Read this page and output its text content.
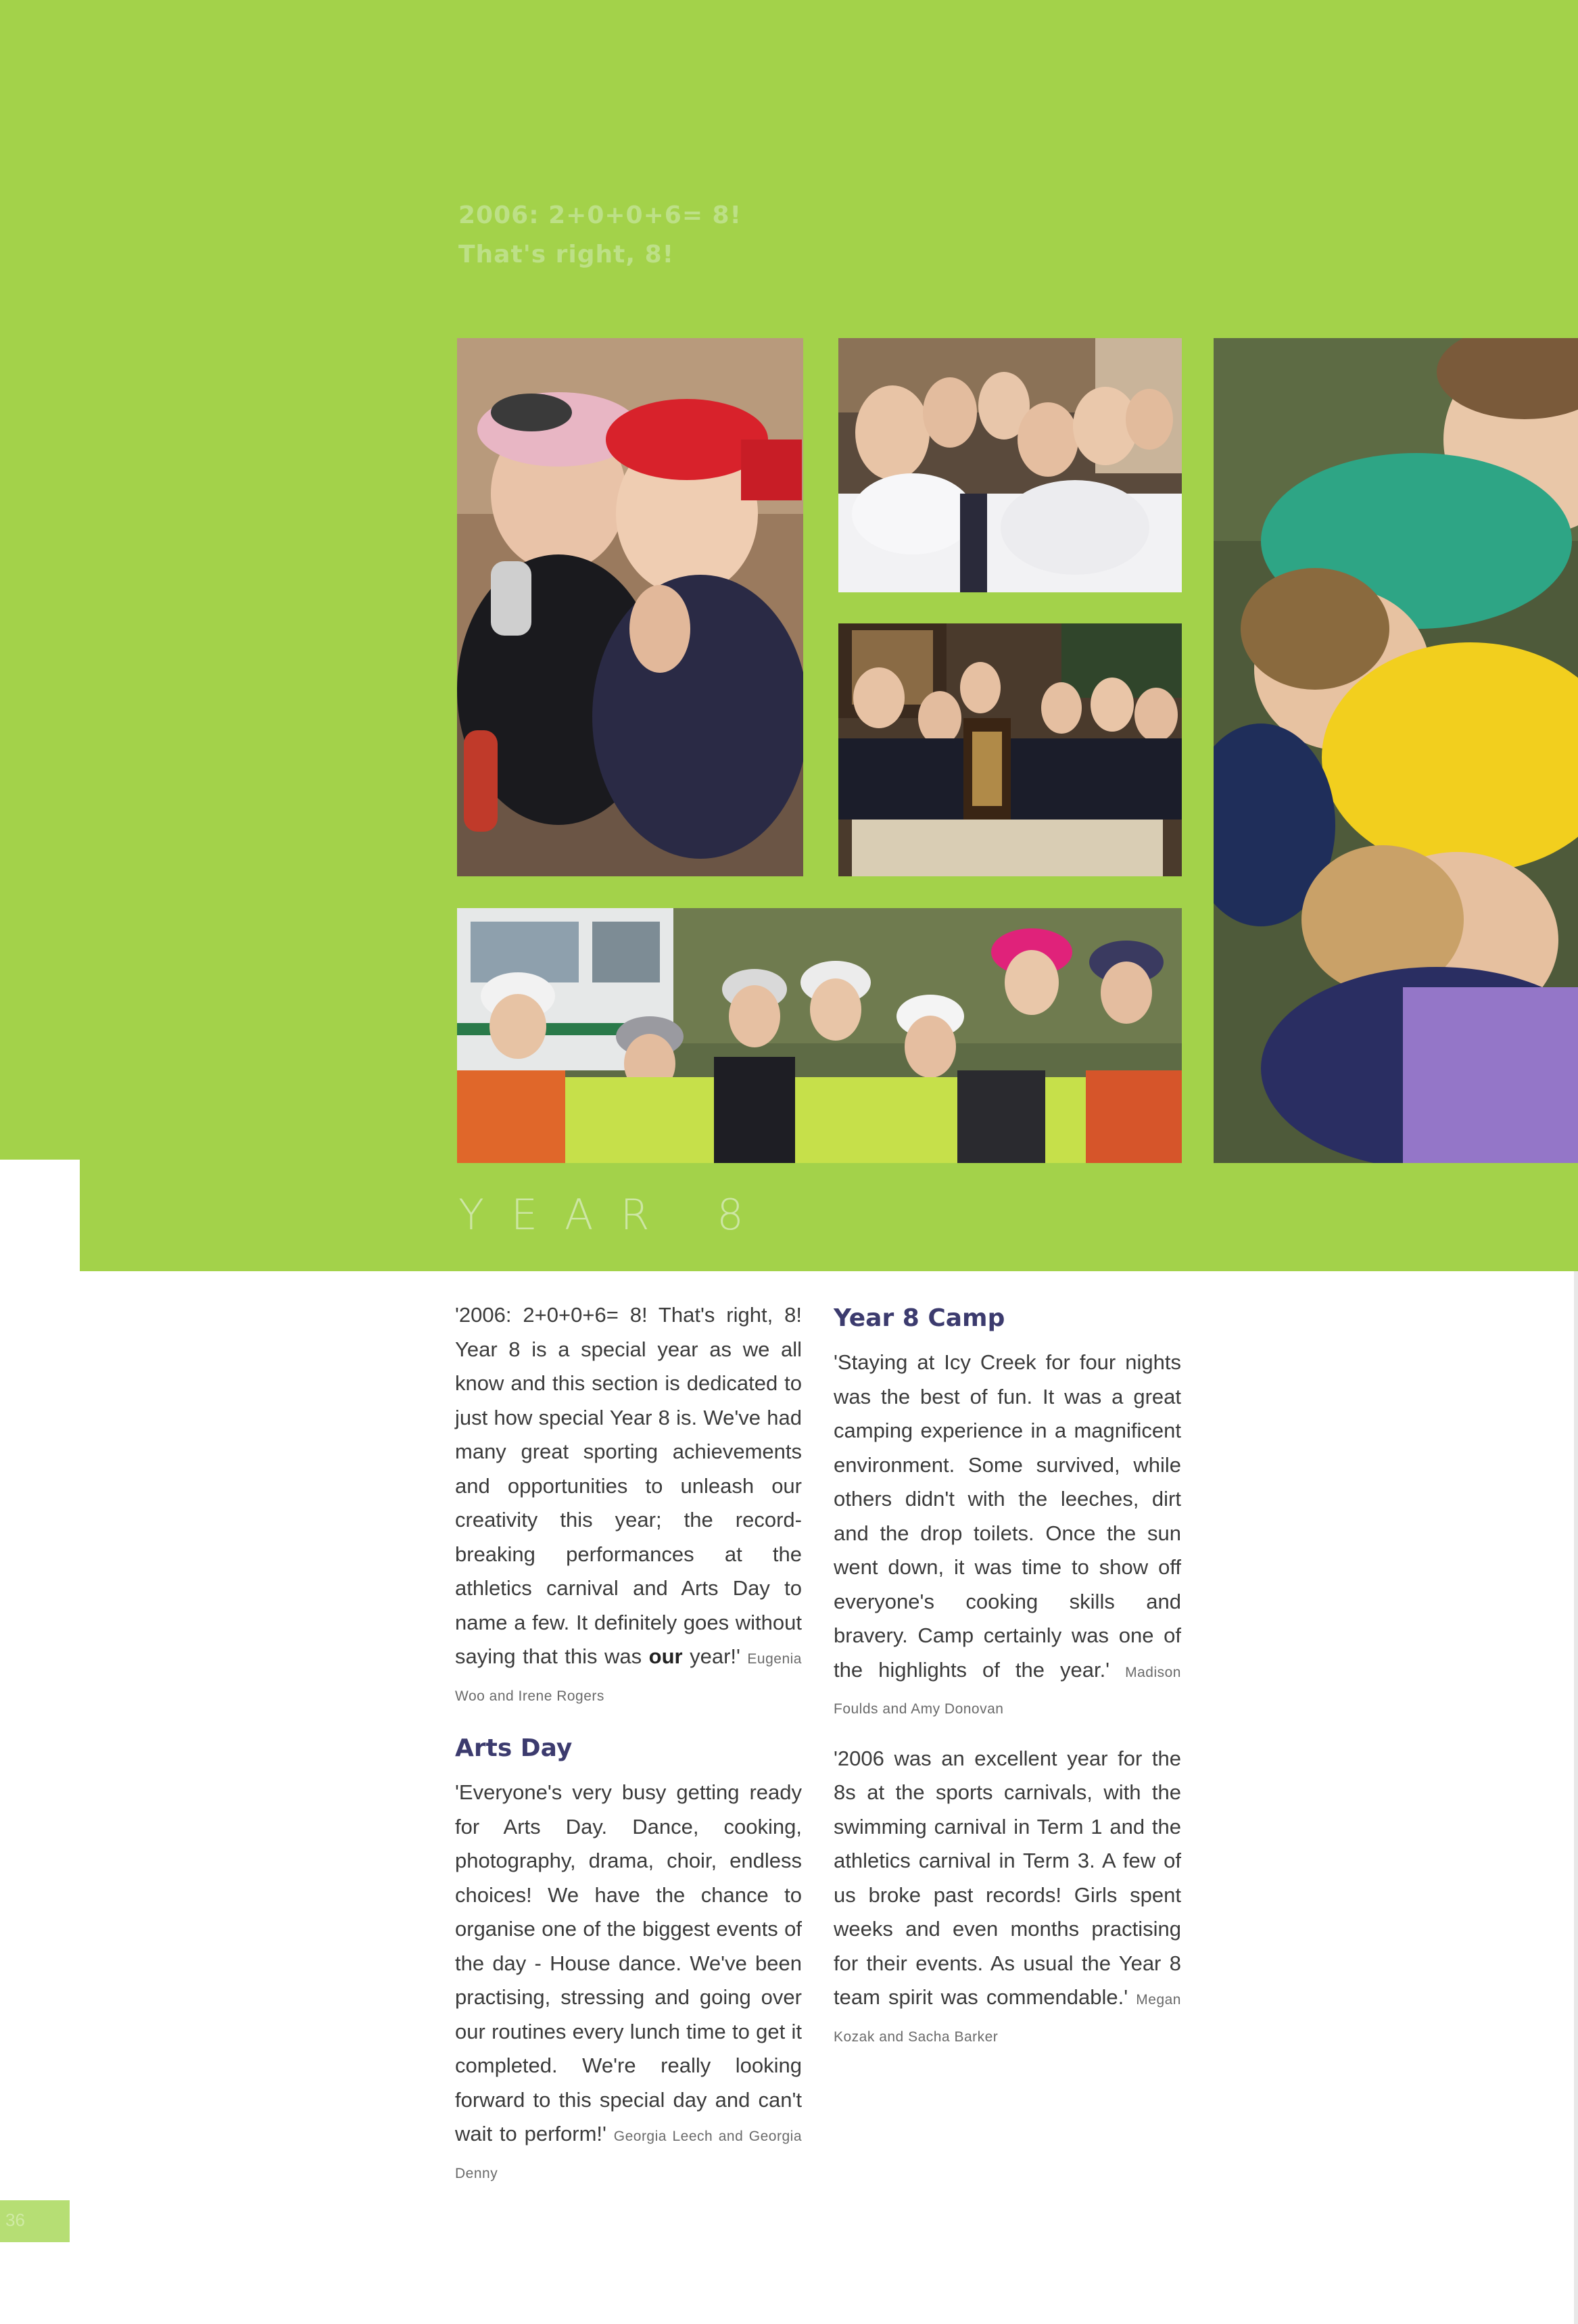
2006: 2+0+0+6= 8!
That's right, 8!
YEAR 8

'2006: 2+0+0+6= 8! That's right, 8! Year 8 is a special year as we all know and this section is dedicated to just how special Year 8 is. We've had many great sporting achievements and opportunities to unleash our creativity this year; the record-breaking performances at the athletics carnival and Arts Day to name a few. It definitely goes without saying that this was our year!' Eugenia Woo and Irene Rogers

Arts Day

'Everyone's very busy getting ready for Arts Day. Dance, cooking, photography, drama, choir, endless choices! We have the chance to organise one of the biggest events of the day - House dance. We've been practising, stressing and going over our routines every lunch time to get it completed. We're really looking forward to this special day and can't wait to perform!' Georgia Leech and Georgia Denny

Year 8 Camp

'Staying at Icy Creek for four nights was the best of fun. It was a great camping experience in a magnificent environment. Some survived, while others didn't with the leeches, dirt and the drop toilets. Once the sun went down, it was time to show off everyone's cooking skills and bravery. Camp certainly was one of the highlights of the year.' Madison Foulds and Amy Donovan

'2006 was an excellent year for the 8s at the sports carnivals, with the swimming carnival in Term 1 and the athletics carnival in Term 3. A few of us broke past records! Girls spent weeks and even months practising for their events. As usual the Year 8 team spirit was commendable.' Megan Kozak and Sacha Barker

36
